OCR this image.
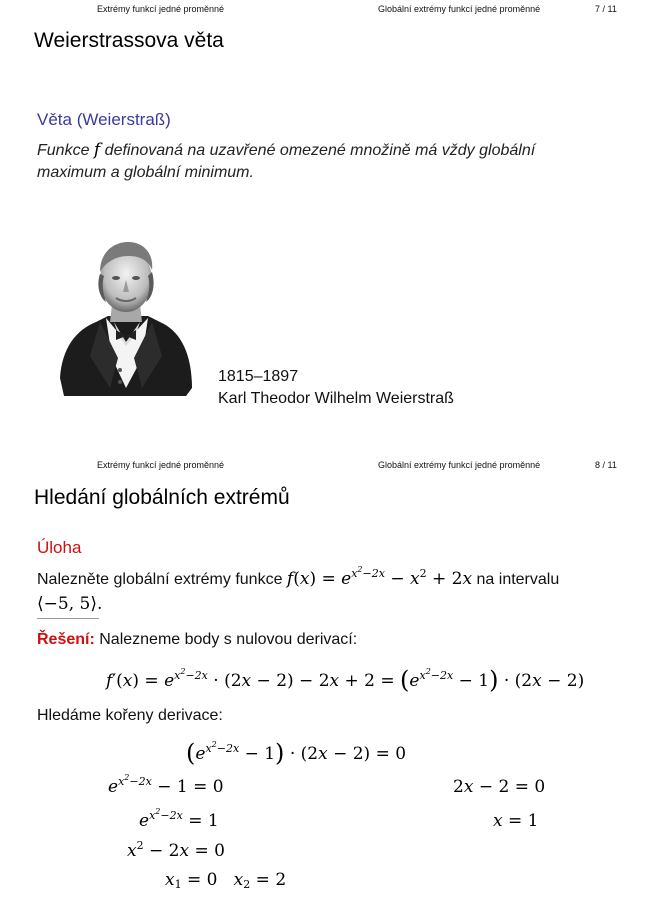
Extrémy funkcí jedné proměnné	Globální extrémy funkcí jedné proměnné	7 / 11
Weierstrassova věta
Věta (Weierstraß)
Funkce f definovaná na uzavřené omezené množině má vždy globální
maximum a globální minimum.
1815–1897
Karl Theodor Wilhelm Weierstraß
Extrémy funkcí jedné proměnné	Globální extrémy funkcí jedné proměnné	8 / 11
Hledání globálních extrémů
Úloha
Nalezněte globální extrémy funkce $f(x) = e^{x^2-2x} - x^2 + 2x$ na intervalu
⟨−5, 5⟩.
Řešení: Nalezneme body s nulovou derivací:
$f'(x) = e^{x^2-2x} \cdot (2x - 2) - 2x + 2 = (e^{x^2-2x} - 1) \cdot (2x - 2)$
Hledáme kořeny derivace:
$(e^{x^2-2x} - 1) \cdot (2x - 2) = 0$
$e^{x^2-2x} - 1 = 0$	2x − 2 = 0
$e^{x^2-2x} = 1$	x = 1
$x^2 - 2x = 0$
$x_1 = 0$   $x_2 = 2$
